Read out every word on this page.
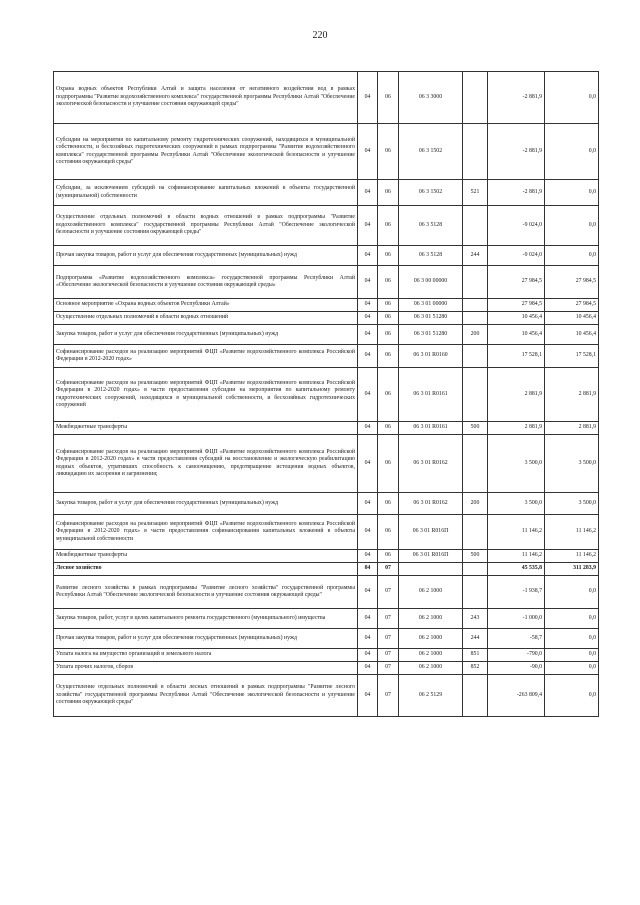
220
Охрана водных объектов Республики Алтай и защита населения от негативного воздействия вод в рамках подпрограммы "Развитие водохозяйственного комплекса" государственной программы Республики Алтай "Обеспечение экологической безопасности и улучшение состояния окружающей среды"	04	06	06 3 3000		-2 881,9	0,0
Субсидии на мероприятия по капитальному ремонту гидротехнических сооружений, находящихся в муниципальной собственности, и бесхозяйных гидротехнических сооружений в рамках подпрограммы "Развитие водохозяйственного комплекса" государственной программы Республики Алтай "Обеспечение экологической безопасности и улучшение состояния окружающей среды"	04	06	06 3 1502		-2 881,9	0,0
Субсидии, за исключением субсидий на софинансирование капитальных вложений в объекты государственной (муниципальной) собственности	04	06	06 3 1502	521	-2 881,9	0,0
Осуществление отдельных полномочий в области водных отношений в рамках подпрограммы "Развитие водохозяйственного комплекса" государственной программы Республики Алтай "Обеспечение экологической безопасности и улучшение состояния окружающей среды"	04	06	06 3 5128		-9 024,0	0,0
Прочая закупка товаров, работ и услуг для обеспечения государственных (муниципальных) нужд	04	06	06 3 5128	244	-9 024,0	0,0
Подпрограмма «Развитие водохозяйственного комплекса» государственной программы Республики Алтай «Обеспечение экологической безопасности и улучшение состояния окружающей среды»	04	06	06 3 00 00000		27 984,5	27 984,5
Основное мероприятие «Охрана водных объектов Республики Алтай»	04	06	06 3 01 00000		27 984,5	27 984,5
Осуществление отдельных полномочий в области водных отношений	04	06	06 3 01 51280		10 456,4	10 456,4
Закупка товаров, работ и услуг для обеспечения государственных (муниципальных) нужд	04	06	06 3 01 51280	200	10 456,4	10 456,4
Софинансирование расходов на реализацию мероприятий ФЦП «Развитие водохозяйственного комплекса Российской Федерации в 2012-2020 годах»	04	06	06 3 01 R0160		17 528,1	17 528,1
Софинансирование расходов на реализацию мероприятий ФЦП «Развитие водохозяйственного комплекса Российской Федерации в 2012-2020 годах» в части предоставления субсидии на мероприятия по капитальному ремонту гидротехнических сооружений, находящихся в муниципальной собственности, и бесхозяйных гидротехнических сооружений	04	06	06 3 01 R0161		2 881,9	2 881,9
Межбюджетные трансферты	04	06	06 3 01 R0161	500	2 881,9	2 881,9
Софинансирование расходов на реализацию мероприятий ФЦП «Развитие водохозяйственного комплекса Российской Федерации в 2012-2020 годах» в части предоставления субсидий на восстановление и экологическую реабилитацию водных объектов, утративших способность к самоочищению, предотвращение истощения водных объектов, ликвидацию их засорения и загрязнения;	04	06	06 3 01 R0162		3 500,0	3 500,0
Закупка товаров, работ и услуг для обеспечения государственных (муниципальных) нужд	04	06	06 3 01 R0162	200	3 500,0	3 500,0
Софинансирование расходов на реализацию мероприятий ФЦП «Развитие водохозяйственного комплекса Российской Федерации в 2012-2020 годах» в части предоставления софинансирования капитальных вложений в объекты муниципальной собственности	04	06	06 3 01 R016П		11 146,2	11 146,2
Межбюджетные трансферты	04	06	06 3 01 R016П	500	11 146,2	11 146,2
Лесное хозяйство	04	07			45 535,8	311 283,9
Развитие лесного хозяйства в рамках подпрограммы "Развитие лесного хозяйства" государственной программы Республики Алтай "Обеспечение экологической безопасности и улучшение состояния окружающей среды"	04	07	06 2 1000		-1 938,7	0,0
Закупка товаров, работ, услуг в целях капитального ремонта государственного (муниципального) имущества	04	07	06 2 1000	243	-1 000,0	0,0
Прочая закупка товаров, работ и услуг для обеспечения государственных (муниципальных) нужд	04	07	06 2 1000	244	-58,7	0,0
Уплата налога на имущество организаций и земельного налога	04	07	06 2 1000	851	-790,0	0,0
Уплата прочих налогов, сборов	04	07	06 2 1000	852	-90,0	0,0
Осуществление отдельных полномочий в области лесных отношений в рамках подпрограммы "Развитие лесного хозяйства" государственной программы Республики Алтай "Обеспечение экологической безопасности и улучшение состояния окружающей среды"	04	07	06 2 5129		-263 809,4	0,0
